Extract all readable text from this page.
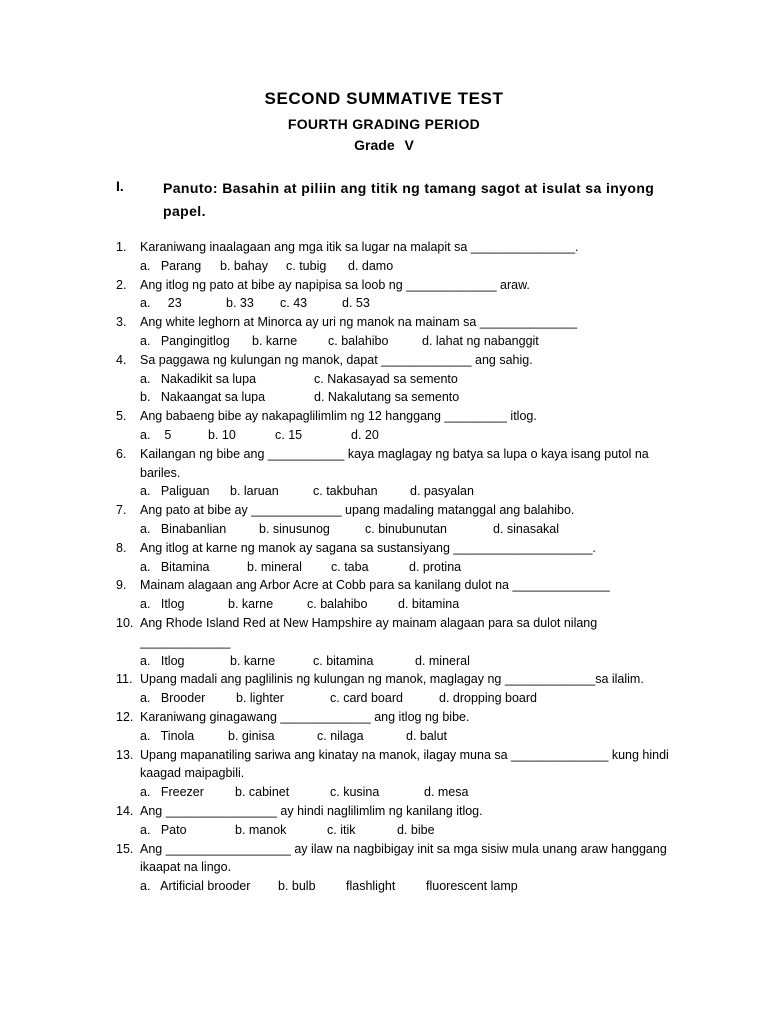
SECOND SUMMATIVE TEST
FOURTH GRADING PERIOD
Grade V
I.	Panuto: Basahin at piliin ang titik ng tamang sagot at isulat sa inyong papel.
1. Karaniwang inaalagaan ang mga itik sa lugar na malapit sa _______________.
a.   Parang	b. bahay	c. tubig	d. damo
2. Ang itlog ng pato at bibe ay napipisa sa loob ng _____________ araw.
a.     23	b. 33	c. 43	d. 53
3. Ang white leghorn at Minorca ay uri ng manok na mainam sa ______________
a.   Pangingitlog	b. karne	c. balahibo	d. lahat ng nabanggit
4. Sa paggawa ng kulungan ng manok, dapat _____________ ang sahig.
a.   Nakadikit sa lupa	c. Nakasayad sa semento
b.   Nakaangat sa lupa	d. Nakalutang sa semento
5. Ang babaeng bibe ay nakapaglilimlim ng 12 hanggang _________ itlog.
a.    5	b. 10	c. 15	d. 20
6. Kailangan ng bibe ang ___________ kaya maglagay ng batya sa lupa o kaya isang putol na bariles.
a.   Paliguan	b. laruan	c. takbuhan	d. pasyalan
7. Ang pato at bibe ay _____________ upang madaling matanggal ang balahibo.
a.   Binabanlian	b. sinusunog	c. binubunutan	d. sinasakal
8. Ang itlog at karne ng manok ay sagana sa sustansiyang ____________________.
a.   Bitamina	b. mineral	c. taba	d. protina
9. Mainam alagaan ang Arbor Acre at Cobb para sa kanilang dulot na ______________
a.   Itlog	b. karne	c. balahibo	d. bitamina
10. Ang Rhode Island Red at New Hampshire ay mainam alagaan para sa dulot nilang _____________
a.   Itlog	b. karne	c. bitamina	d. mineral
11. Upang madali ang paglilinis ng kulungan ng manok, maglagay ng _____________sa ilalim.
a.   Brooder	b. lighter	c. card board	d. dropping board
12. Karaniwang ginagawang _____________ ang itlog ng bibe.
a.   Tinola	b. ginisa	c. nilaga	d. balut
13. Upang mapanatiling sariwa ang kinatay na manok, ilagay muna sa ______________ kung hindi kaagad maipagbili.
a.   Freezer	b. cabinet	c. kusina	d. mesa
14. Ang ________________ ay hindi naglilimlim ng kanilang itlog.
a.   Pato	b. manok	c. itik	d. bibe
15. Ang __________________ ay ilaw na nagbibigay init sa mga sisiw mula unang araw hanggang ikaapat na lingo.
a.   Artificial brooder	b. bulb	flashlight	fluorescent lamp
